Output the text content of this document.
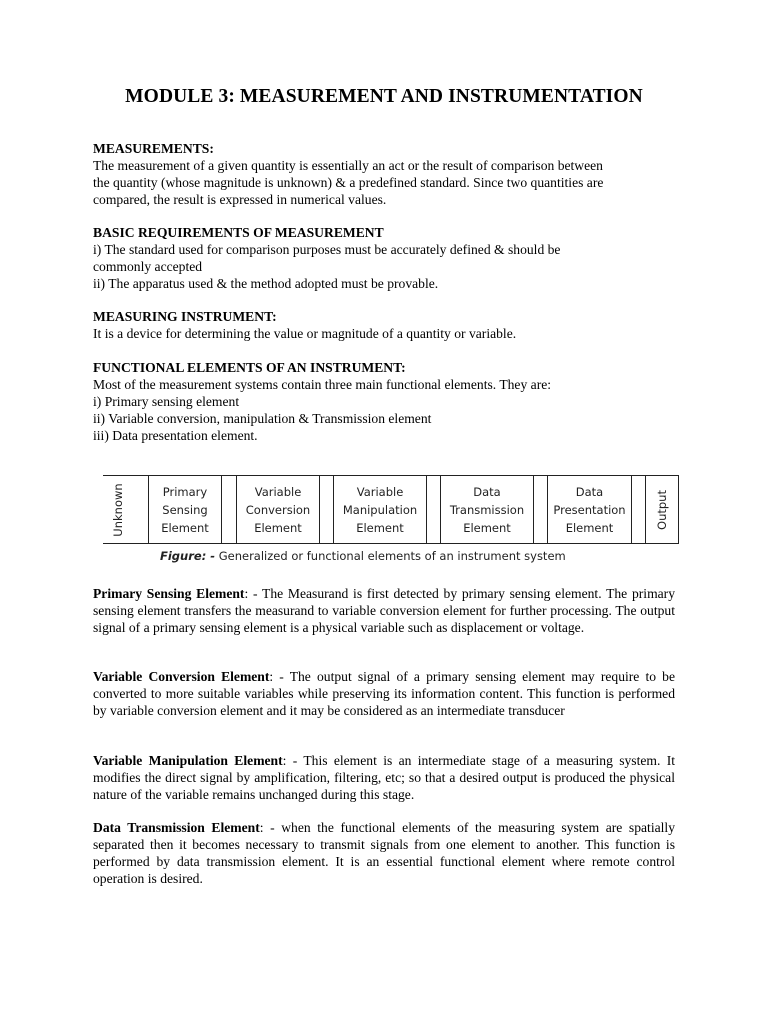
MODULE 3: MEASUREMENT AND INSTRUMENTATION
MEASUREMENTS:
The measurement of a given quantity is essentially an act or the result of comparison between
the quantity (whose magnitude is unknown) & a predefined standard. Since two quantities are
compared, the result is expressed in numerical values.
BASIC REQUIREMENTS OF MEASUREMENT
i) The standard used for comparison purposes must be accurately defined & should be
commonly accepted
ii) The apparatus used & the method adopted must be provable.
MEASURING INSTRUMENT:
It is a device for determining the value or magnitude of a quantity or variable.
FUNCTIONAL ELEMENTS OF AN INSTRUMENT:
Most of the measurement systems contain three main functional elements. They are:
i) Primary sensing element
ii) Variable conversion, manipulation & Transmission element
iii) Data presentation element.
Unknown	Primary
Sensing
Element
Variable
Conversion
Element
Variable
Manipulation
Element
Data
Transmission
Element
Data
Presentation
Element	Output
Figure: - Generalized or functional elements of an instrument system
Primary Sensing Element: - The Measurand is first detected by primary sensing element. The primary sensing element transfers the measurand to variable conversion element for further processing. The output signal of a primary sensing element is a physical variable such as displacement or voltage.
Variable Conversion Element: - The output signal of a primary sensing element may require to be converted to more suitable variables while preserving its information content. This function is performed by variable conversion element and it may be considered as an intermediate transducer
Variable Manipulation Element: - This element is an intermediate stage of a measuring system. It modifies the direct signal by amplification, filtering, etc; so that a desired output is produced the physical nature of the variable remains unchanged during this stage.
Data Transmission Element: - when the functional elements of the measuring system are spatially separated then it becomes necessary to transmit signals from one element to another. This function is performed by data transmission element. It is an essential functional element where remote control operation is desired.
